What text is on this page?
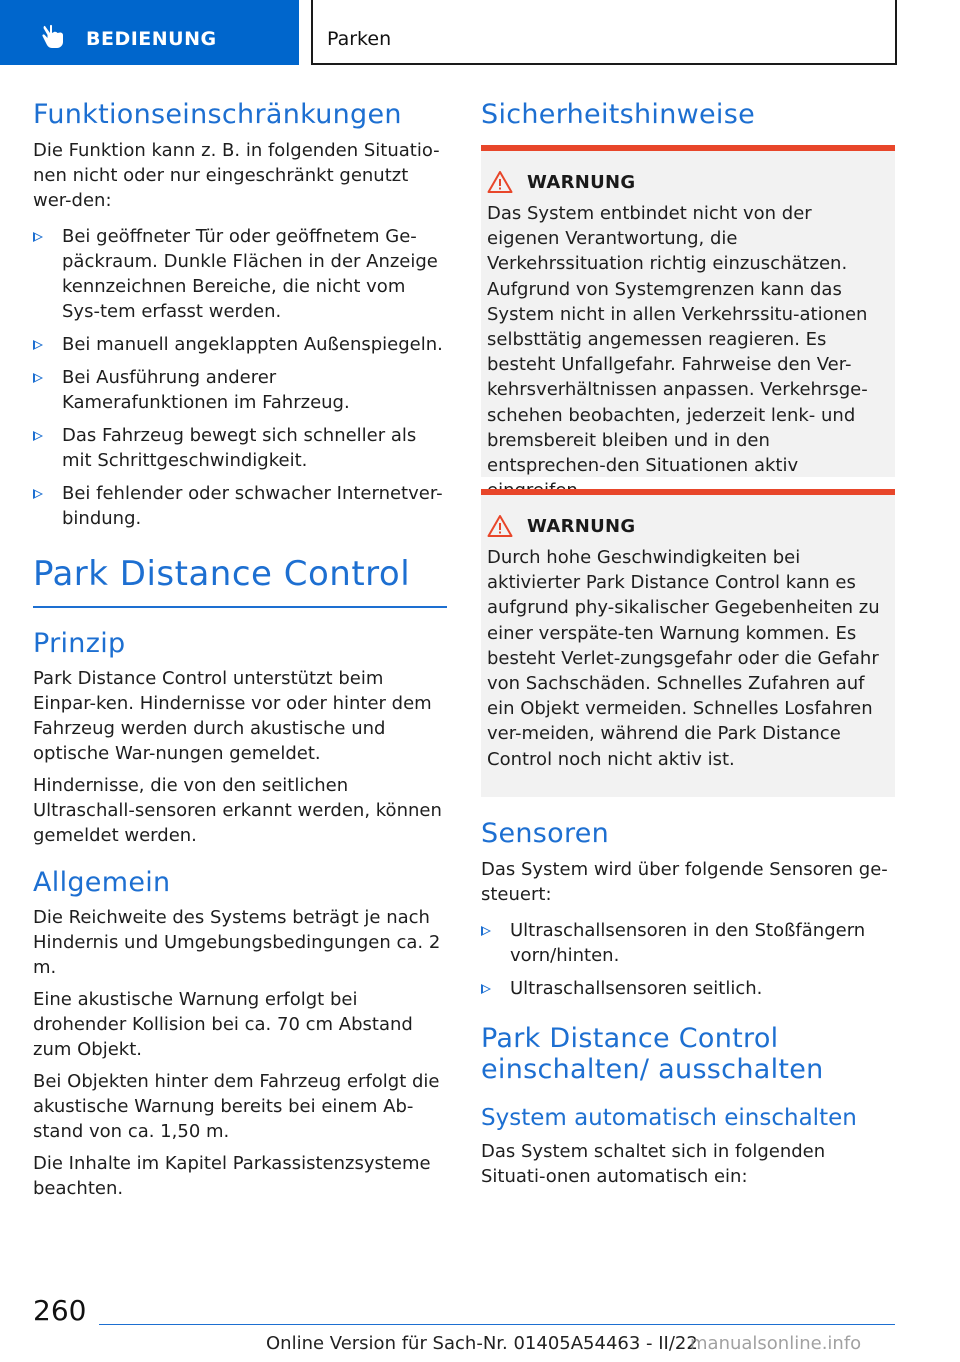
BEDIENUNG	Parken
Funktionseinschränkungen

Die Funktion kann z. B. in folgenden Situatio-nen nicht oder nur eingeschränkt genutzt wer-den:

Bei geöffneter Tür oder geöffnetem Ge-päckraum. Dunkle Flächen in der Anzeige kennzeichnen Bereiche, die nicht vom Sys-tem erfasst werden.
Bei manuell angeklappten Außenspiegeln.
Bei Ausführung anderer Kamerafunktionen im Fahrzeug.
Das Fahrzeug bewegt sich schneller als mit Schrittgeschwindigkeit.
Bei fehlender oder schwacher Internetver-bindung.
Park Distance Control
Prinzip

Park Distance Control unterstützt beim Einpar-ken. Hindernisse vor oder hinter dem Fahrzeug werden durch akustische und optische War-nungen gemeldet.

Hindernisse, die von den seitlichen Ultraschall-sensoren erkannt werden, können gemeldet werden.

Allgemein

Die Reichweite des Systems beträgt je nach Hindernis und Umgebungsbedingungen ca. 2 m.

Eine akustische Warnung erfolgt bei drohender Kollision bei ca. 70 cm Abstand zum Objekt.

Bei Objekten hinter dem Fahrzeug erfolgt die akustische Warnung bereits bei einem Ab-stand von ca. 1,50 m.

Die Inhalte im Kapitel Parkassistenzsysteme beachten.

Sicherheitshinweise
WARNUNG

Das System entbindet nicht von der eigenen Verantwortung, die Verkehrssituation richtig einzuschätzen. Aufgrund von Systemgrenzen kann das System nicht in allen Verkehrssitu-ationen selbsttätig angemessen reagieren. Es besteht Unfallgefahr. Fahrweise den Ver-kehrsverhältnissen anpassen. Verkehrsge-schehen beobachten, jederzeit lenk- und bremsbereit bleiben und in den entsprechen-den Situationen aktiv

WARNUNG

Durch hohe Geschwindigkeiten bei aktivierter Park Distance Control kann es aufgrund phy-sikalischer Gegebenheiten zu einer verspäte-ten Warnung kommen. Es besteht Verlet-zungsgefahr oder die Gefahr von Sachschäden. Schnelles Zufahren auf ein Objekt vermeiden. Schnelles Losfahren ver-meiden, während die Park Distance Control noch nicht aktiv ist.

Sensoren

Das System wird über folgende Sensoren ge-steuert:

Ultraschallsensoren in den Stoßfängern vorn/hinten.
Ultraschallsensoren seitlich.
Park Distance Control einschalten/ ausschalten
System automatisch einschalten

Das System schaltet sich in folgenden Situati-onen automatisch ein:

260
Online Version für Sach-Nr. 01405A54463 - II/22
manualsonline.info
